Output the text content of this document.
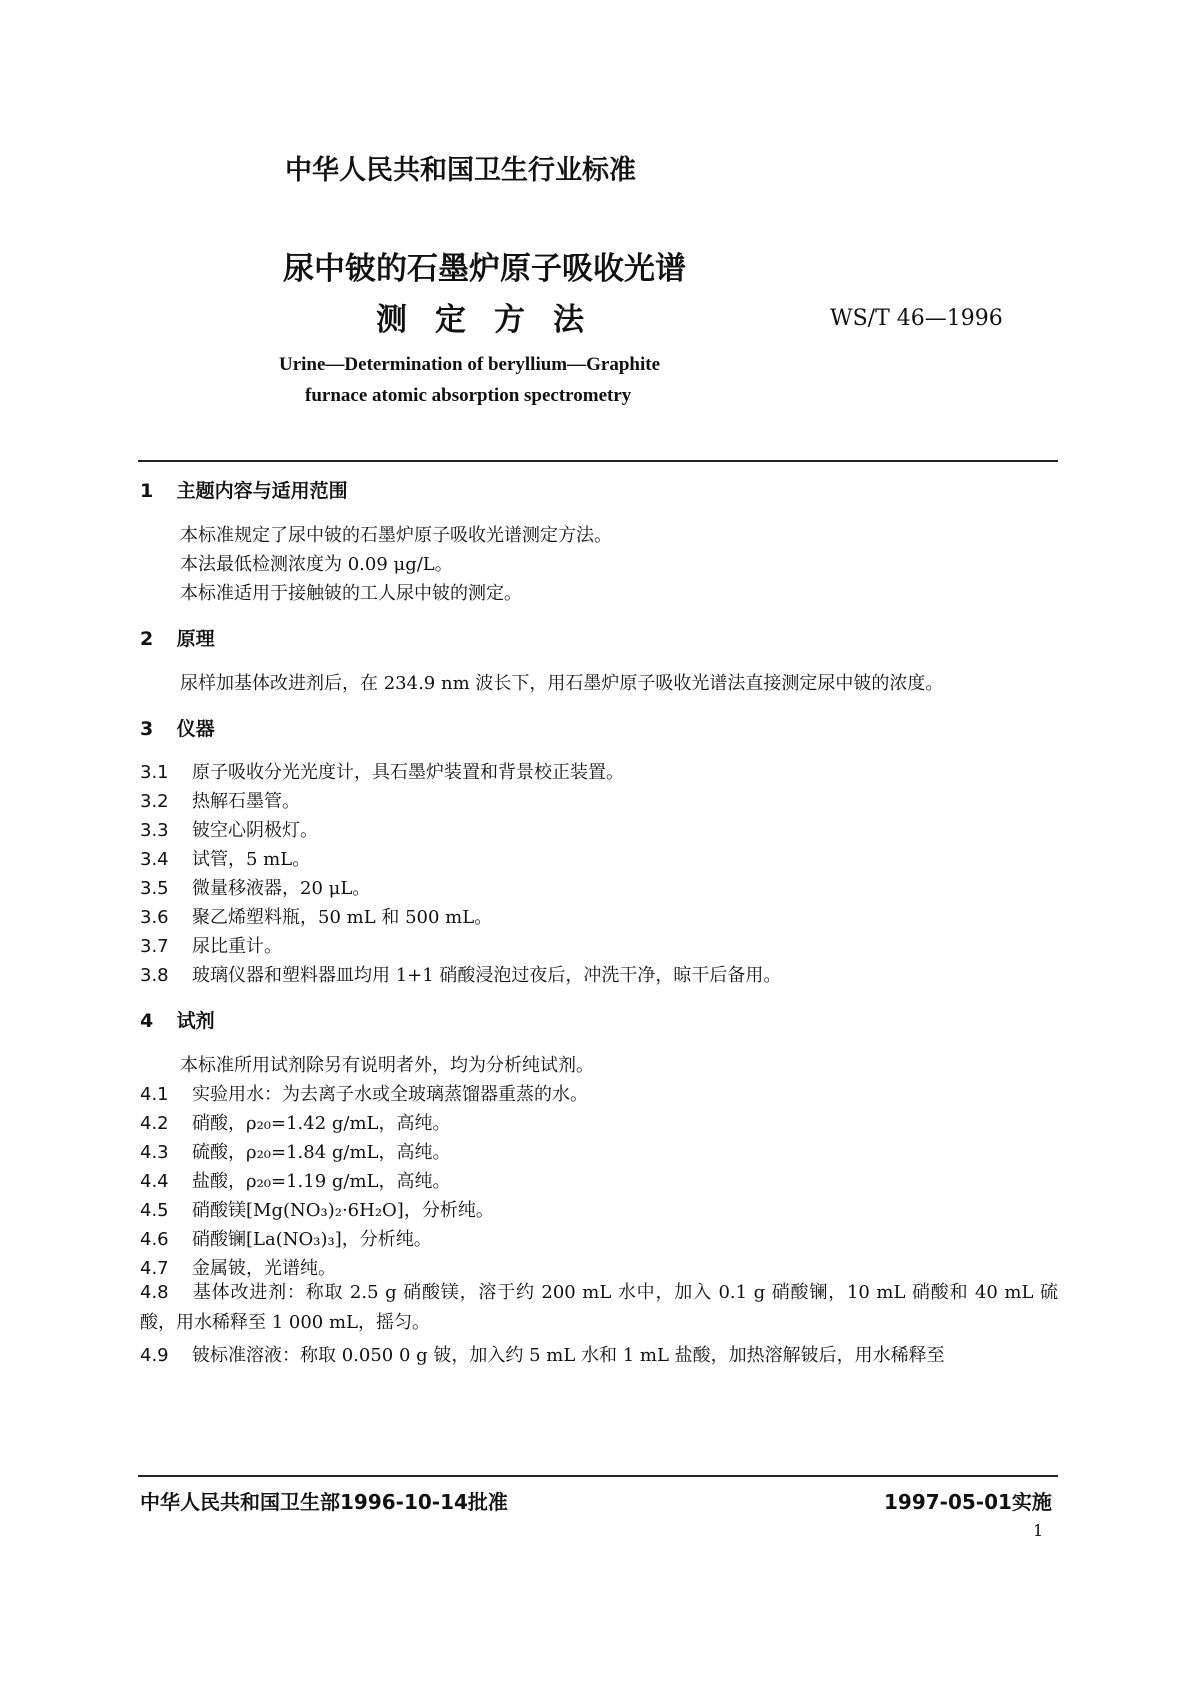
中华人民共和国卫生行业标准
尿中铍的石墨炉原子吸收光谱
测定方法	WS/T 46—1996
Urine—Determination of beryllium—Graphite
furnace atomic absorption spectrometry
1 主题内容与适用范围
本标准规定了尿中铍的石墨炉原子吸收光谱测定方法。
本法最低检测浓度为 0.09 μg/L。
本标准适用于接触铍的工人尿中铍的测定。
2 原理
尿样加基体改进剂后，在 234.9 nm 波长下，用石墨炉原子吸收光谱法直接测定尿中铍的浓度。
3 仪器
3.1 原子吸收分光光度计，具石墨炉装置和背景校正装置。
3.2 热解石墨管。
3.3 铍空心阴极灯。
3.4 试管，5 mL。
3.5 微量移液器，20 μL。
3.6 聚乙烯塑料瓶，50 mL 和 500 mL。
3.7 尿比重计。
3.8 玻璃仪器和塑料器皿均用 1+1 硝酸浸泡过夜后，冲洗干净，晾干后备用。
4 试剂
本标准所用试剂除另有说明者外，均为分析纯试剂。
4.1 实验用水：为去离子水或全玻璃蒸馏器重蒸的水。
4.2 硝酸，ρ₂₀=1.42 g/mL，高纯。
4.3 硫酸，ρ₂₀=1.84 g/mL，高纯。
4.4 盐酸，ρ₂₀=1.19 g/mL，高纯。
4.5 硝酸镁[Mg(NO₃)₂·6H₂O]，分析纯。
4.6 硝酸镧[La(NO₃)₃]，分析纯。
4.7 金属铍，光谱纯。
4.8 基体改进剂：称取 2.5 g 硝酸镁，溶于约 200 mL 水中，加入 0.1 g 硝酸镧，10 mL 硝酸和 40 mL 硫酸，用水稀释至 1 000 mL，摇匀。
4.9 铍标准溶液：称取 0.050 0 g 铍，加入约 5 mL 水和 1 mL 盐酸，加热溶解铍后，用水稀释至
中华人民共和国卫生部1996-10-14批准	1997-05-01实施
1
